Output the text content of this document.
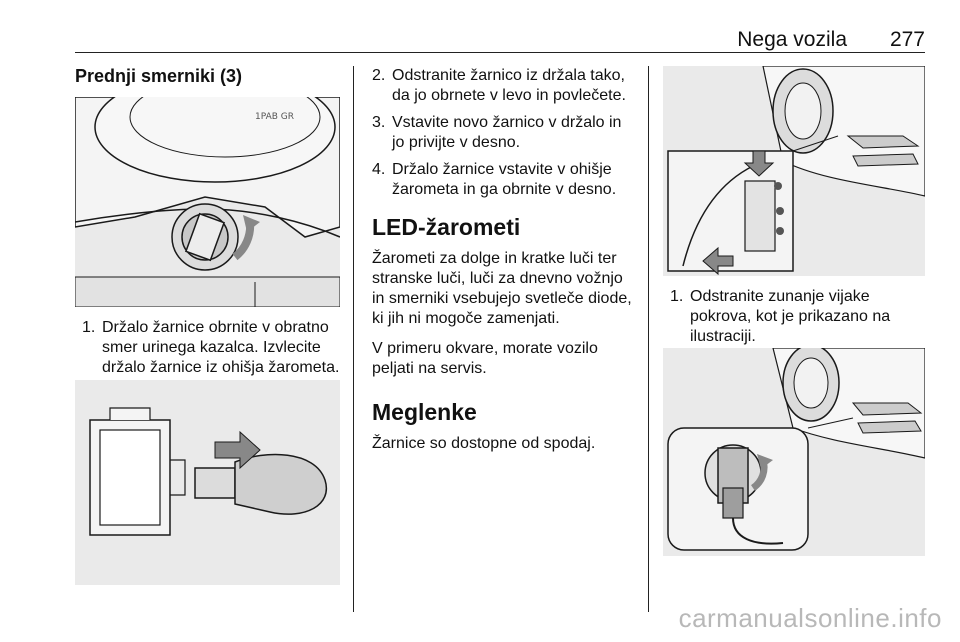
Nega vozila 277
Prednji smerniki (3)
1PAB GR
1. Držalo žarnice obrnite v obratno smer urinega kazalca. Izvlecite držalo žarnice iz ohišja žarometa.
2. Odstranite žarnico iz držala tako, da jo obrnete v levo in povlečete.
3. Vstavite novo žarnico v držalo in jo privijte v desno.
4. Držalo žarnice vstavite v ohišje žarometa in ga obrnite v desno.
LED-žarometi

Žarometi za dolge in kratke luči ter stranske luči, luči za dnevno vožnjo in smerniki vsebujejo svetleče diode, ki jih ni mogoče zamenjati.

V primeru okvare, morate vozilo peljati na servis.

Meglenke

Žarnice so dostopne od spodaj.

1. Odstranite zunanje vijake pokrova, kot je prikazano na ilustraciji.
carmanualsonline.info
